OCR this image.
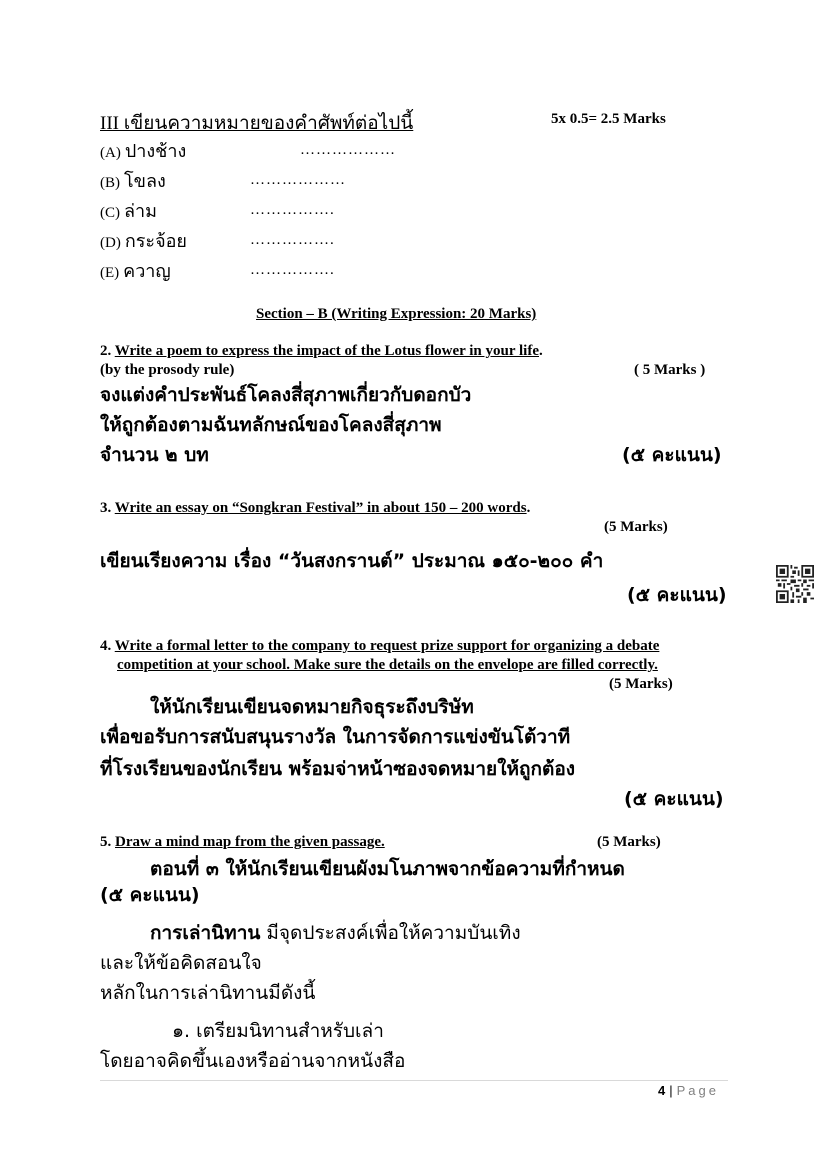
III เขียนความหมายของคำศัพท์ต่อไปนี้	5x 0.5= 2.5 Marks
(A) ปางช้าง	………………
(B) โขลง	………………
(C) ล่าม	…………….
(D) กระจ้อย	…………….
(E) ควาญ	…………….
Section – B (Writing Expression: 20 Marks)
2. Write a poem to express the impact of the Lotus flower in your life.
(by the prosody rule)	( 5 Marks )
จงแต่งคำประพันธ์โคลงสี่สุภาพเกี่ยวกับดอกบัว
ให้ถูกต้องตามฉันทลักษณ์ของโคลงสี่สุภาพ
จำนวน ๒ บท	(๕ คะแนน)
3. Write an essay on “Songkran Festival” in about 150 – 200 words.
(5 Marks)
เขียนเรียงความ เรื่อง “วันสงกรานต์” ประมาณ ๑๕๐-๒๐๐ คำ
(๕ คะแนน)
4. Write a formal letter to the company to request prize support for organizing a debate
competition at your school. Make sure the details on the envelope are filled correctly.
(5 Marks)
ให้นักเรียนเขียนจดหมายกิจธุระถึงบริษัท
เพื่อขอรับการสนับสนุนรางวัล ในการจัดการแข่งขันโต้วาที
ที่โรงเรียนของนักเรียน พร้อมจ่าหน้าซองจดหมายให้ถูกต้อง
(๕ คะแนน)
5. Draw a mind map from the given passage.	(5 Marks)
ตอนที่ ๓ ให้นักเรียนเขียนผังมโนภาพจากข้อความที่กำหนด
(๕ คะแนน)
การเล่านิทาน มีจุดประสงค์เพื่อให้ความบันเทิง
และให้ข้อคิดสอนใจ
หลักในการเล่านิทานมีดังนี้
๑. เตรียมนิทานสำหรับเล่า
โดยอาจคิดขึ้นเองหรืออ่านจากหนังสือ
4 | Page
